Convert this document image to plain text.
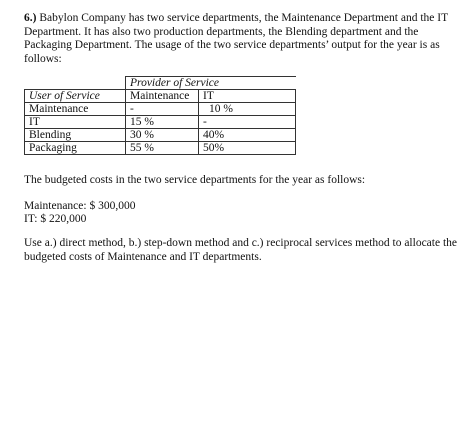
6.) Babylon Company has two service departments, the Maintenance Department and the IT Department. It has also two production departments, the Blending department and the Packaging Department. The usage of the two service departments’ output for the year is as follows:

	Provider of Service	
User of Service	Maintenance	IT
Maintenance	-	10 %
IT	15 %	-
Blending	30 %	40%
Packaging	55 %	50%

The budgeted costs in the two service departments for the year as follows:

Maintenance: $ 300,000
IT: $ 220,000

Use a.) direct method, b.) step-down method and c.) reciprocal services method to allocate the budgeted costs of Maintenance and IT departments.
